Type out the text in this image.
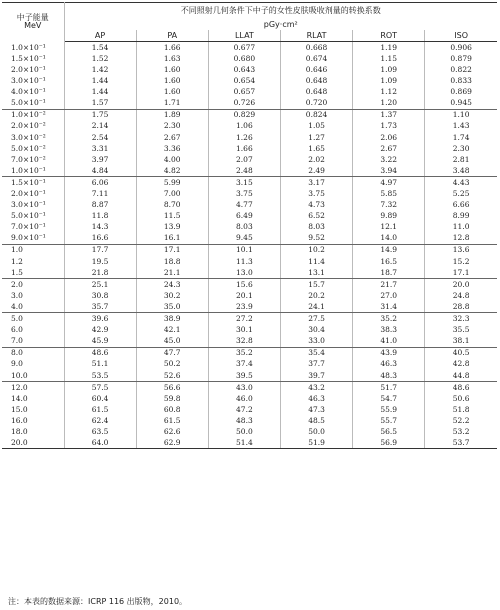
中子能量
MeV	不同照射几何条件下中子的女性皮肤吸收剂量的转换系数					
	pGy·cm²					
	AP	PA	LLAT	RLAT	ROT	ISO
1.0×10⁻¹	1.54	1.66	0.677	0.668	1.19	0.906
1.5×10⁻¹	1.52	1.63	0.680	0.674	1.15	0.879
2.0×10⁻¹	1.42	1.60	0.643	0.646	1.09	0.822
3.0×10⁻¹	1.44	1.60	0.654	0.648	1.09	0.833
4.0×10⁻¹	1.44	1.60	0.657	0.648	1.12	0.869
5.0×10⁻¹	1.57	1.71	0.726	0.720	1.20	0.945
1.0×10⁻²	1.75	1.89	0.829	0.824	1.37	1.10
2.0×10⁻²	2.14	2.30	1.06	1.05	1.73	1.43
3.0×10⁻²	2.54	2.67	1.26	1.27	2.06	1.74
5.0×10⁻²	3.31	3.36	1.66	1.65	2.67	2.30
7.0×10⁻²	3.97	4.00	2.07	2.02	3.22	2.81
1.0×10⁻¹	4.84	4.82	2.48	2.49	3.94	3.48
1.5×10⁻¹	6.06	5.99	3.15	3.17	4.97	4.43
2.0×10⁻¹	7.11	7.00	3.75	3.75	5.85	5.25
3.0×10⁻¹	8.87	8.70	4.77	4.73	7.32	6.66
5.0×10⁻¹	11.8	11.5	6.49	6.52	9.89	8.99
7.0×10⁻¹	14.3	13.9	8.03	8.03	12.1	11.0
9.0×10⁻¹	16.6	16.1	9.45	9.52	14.0	12.8
1.0	17.7	17.1	10.1	10.2	14.9	13.6
1.2	19.5	18.8	11.3	11.4	16.5	15.2
1.5	21.8	21.1	13.0	13.1	18.7	17.1
2.0	25.1	24.3	15.6	15.7	21.7	20.0
3.0	30.8	30.2	20.1	20.2	27.0	24.8
4.0	35.7	35.0	23.9	24.1	31.4	28.8
5.0	39.6	38.9	27.2	27.5	35.2	32.3
6.0	42.9	42.1	30.1	30.4	38.3	35.5
7.0	45.9	45.0	32.8	33.0	41.0	38.1
8.0	48.6	47.7	35.2	35.4	43.9	40.5
9.0	51.1	50.2	37.4	37.7	46.3	42.8
10.0	53.5	52.6	39.5	39.7	48.3	44.8
12.0	57.5	56.6	43.0	43.2	51.7	48.6
14.0	60.4	59.8	46.0	46.3	54.7	50.6
15.0	61.5	60.8	47.2	47.3	55.9	51.8
16.0	62.4	61.5	48.3	48.5	55.7	52.2
18.0	63.5	62.6	50.0	50.0	56.5	53.2
20.0	64.0	62.9	51.4	51.9	56.9	53.7
注：本表的数据来源：ICRP 116 出版物，2010。
